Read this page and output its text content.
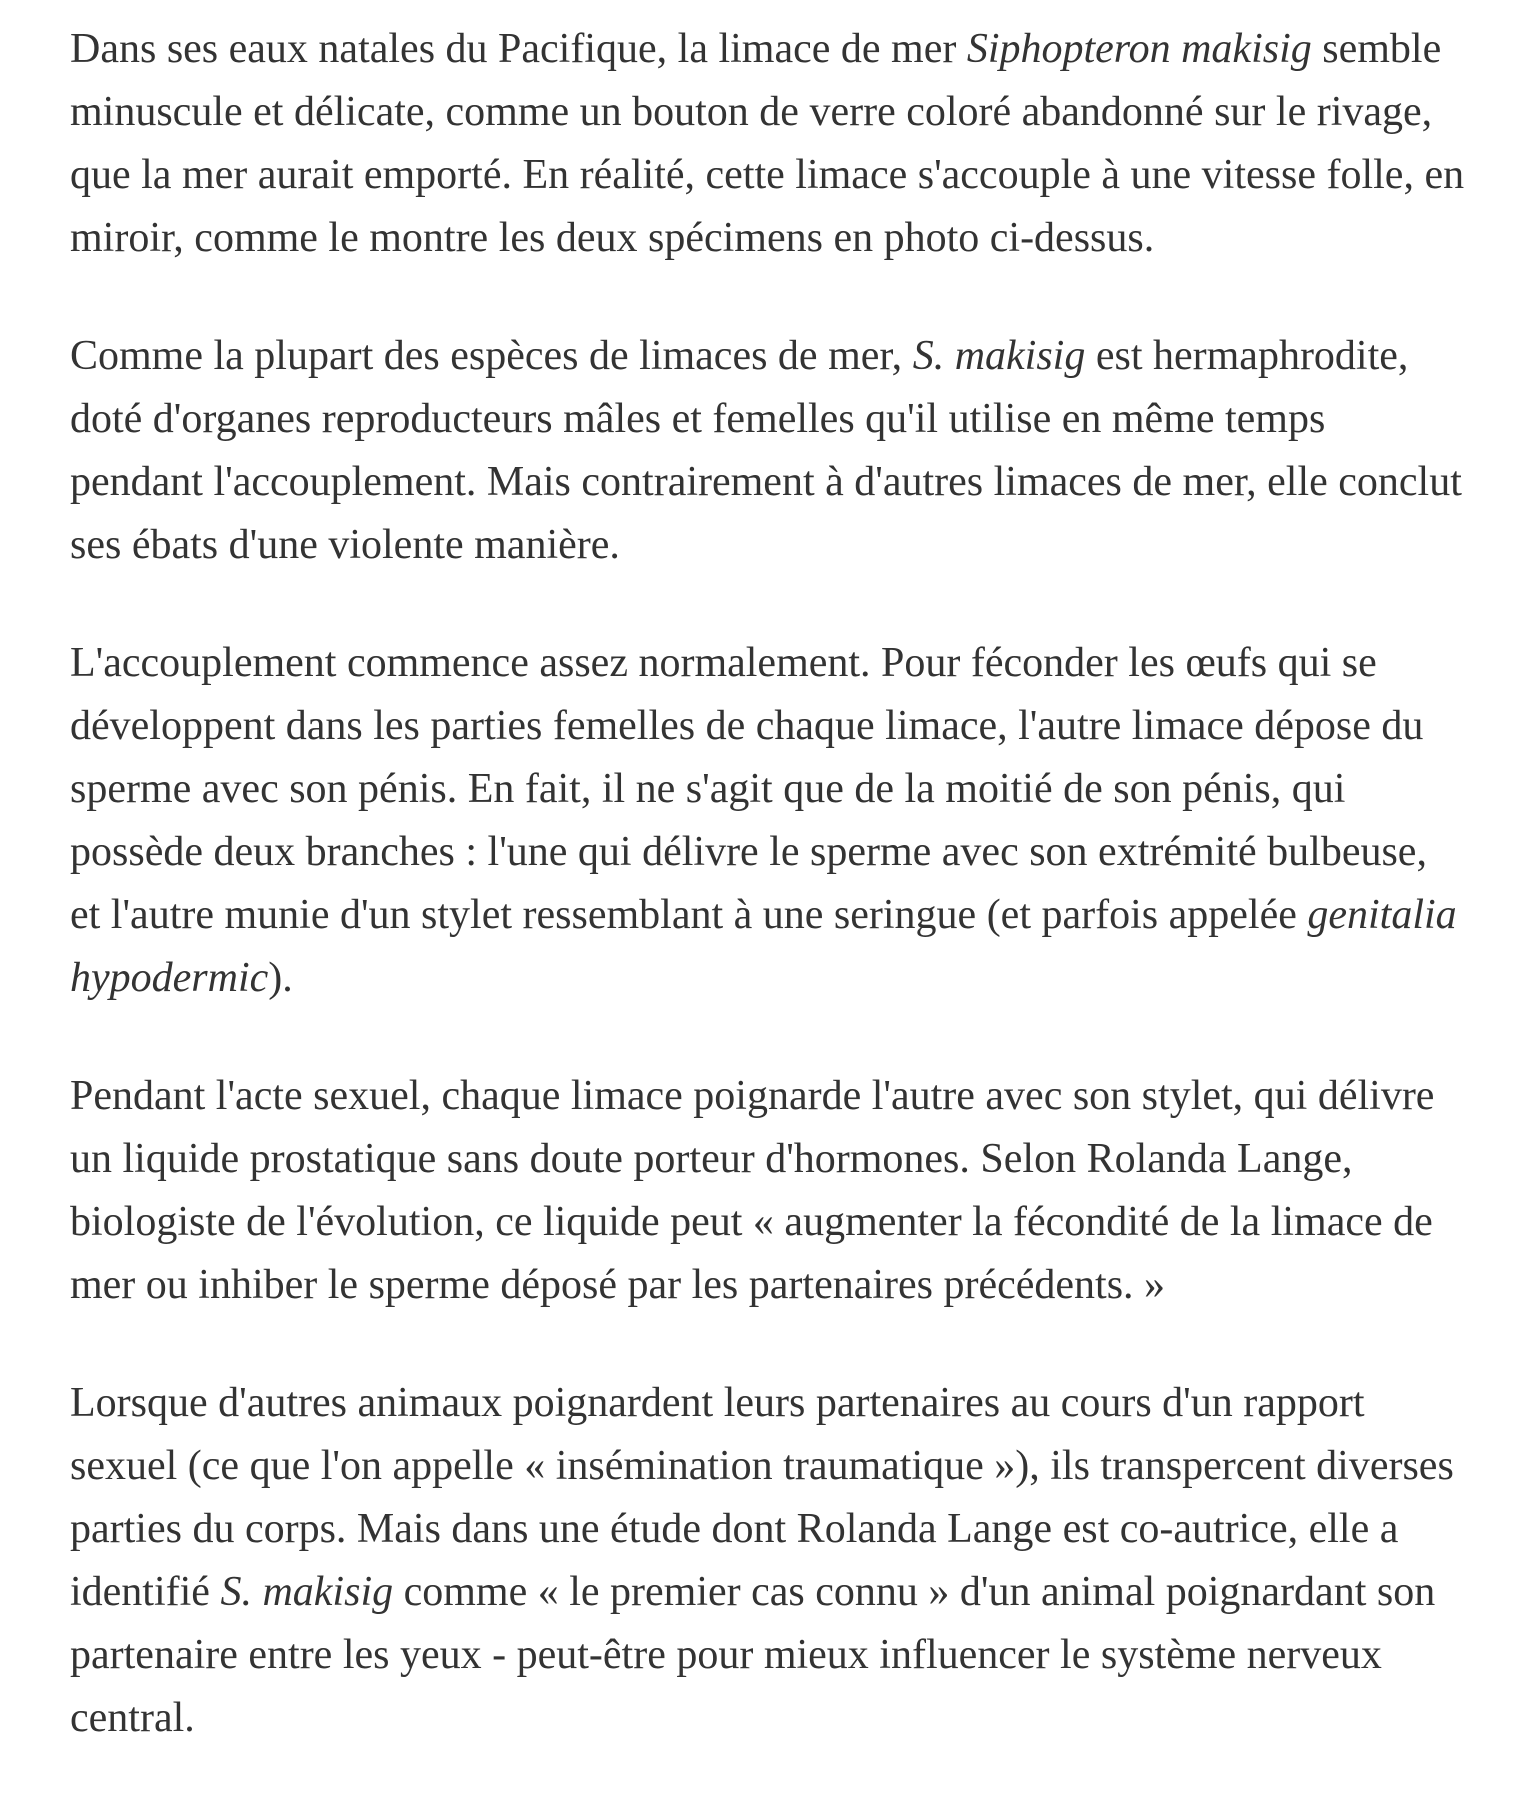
Dans ses eaux natales du Pacifique, la limace de mer Siphopteron makisig semble minuscule et délicate, comme un bouton de verre coloré abandonné sur le rivage, que la mer aurait emporté. En réalité, cette limace s'accouple à une vitesse folle, en miroir, comme le montre les deux spécimens en photo ci-dessus.

Comme la plupart des espèces de limaces de mer, S. makisig est hermaphrodite, doté d'organes reproducteurs mâles et femelles qu'il utilise en même temps pendant l'accouplement. Mais contrairement à d'autres limaces de mer, elle conclut ses ébats d'une violente manière.

L'accouplement commence assez normalement. Pour féconder les œufs qui se développent dans les parties femelles de chaque limace, l'autre limace dépose du sperme avec son pénis. En fait, il ne s'agit que de la moitié de son pénis, qui possède deux branches : l'une qui délivre le sperme avec son extrémité bulbeuse, et l'autre munie d'un stylet ressemblant à une seringue (et parfois appelée genitalia hypodermic).

Pendant l'acte sexuel, chaque limace poignarde l'autre avec son stylet, qui délivre un liquide prostatique sans doute porteur d'hormones. Selon Rolanda Lange, biologiste de l'évolution, ce liquide peut « augmenter la fécondité de la limace de mer ou inhiber le sperme déposé par les partenaires précédents. »

Lorsque d'autres animaux poignardent leurs partenaires au cours d'un rapport sexuel (ce que l'on appelle « insémination traumatique »), ils transpercent diverses parties du corps. Mais dans une étude dont Rolanda Lange est co-autrice, elle a identifié S. makisig comme « le premier cas connu » d'un animal poignardant son partenaire entre les yeux - peut-être pour mieux influencer le système nerveux central.
